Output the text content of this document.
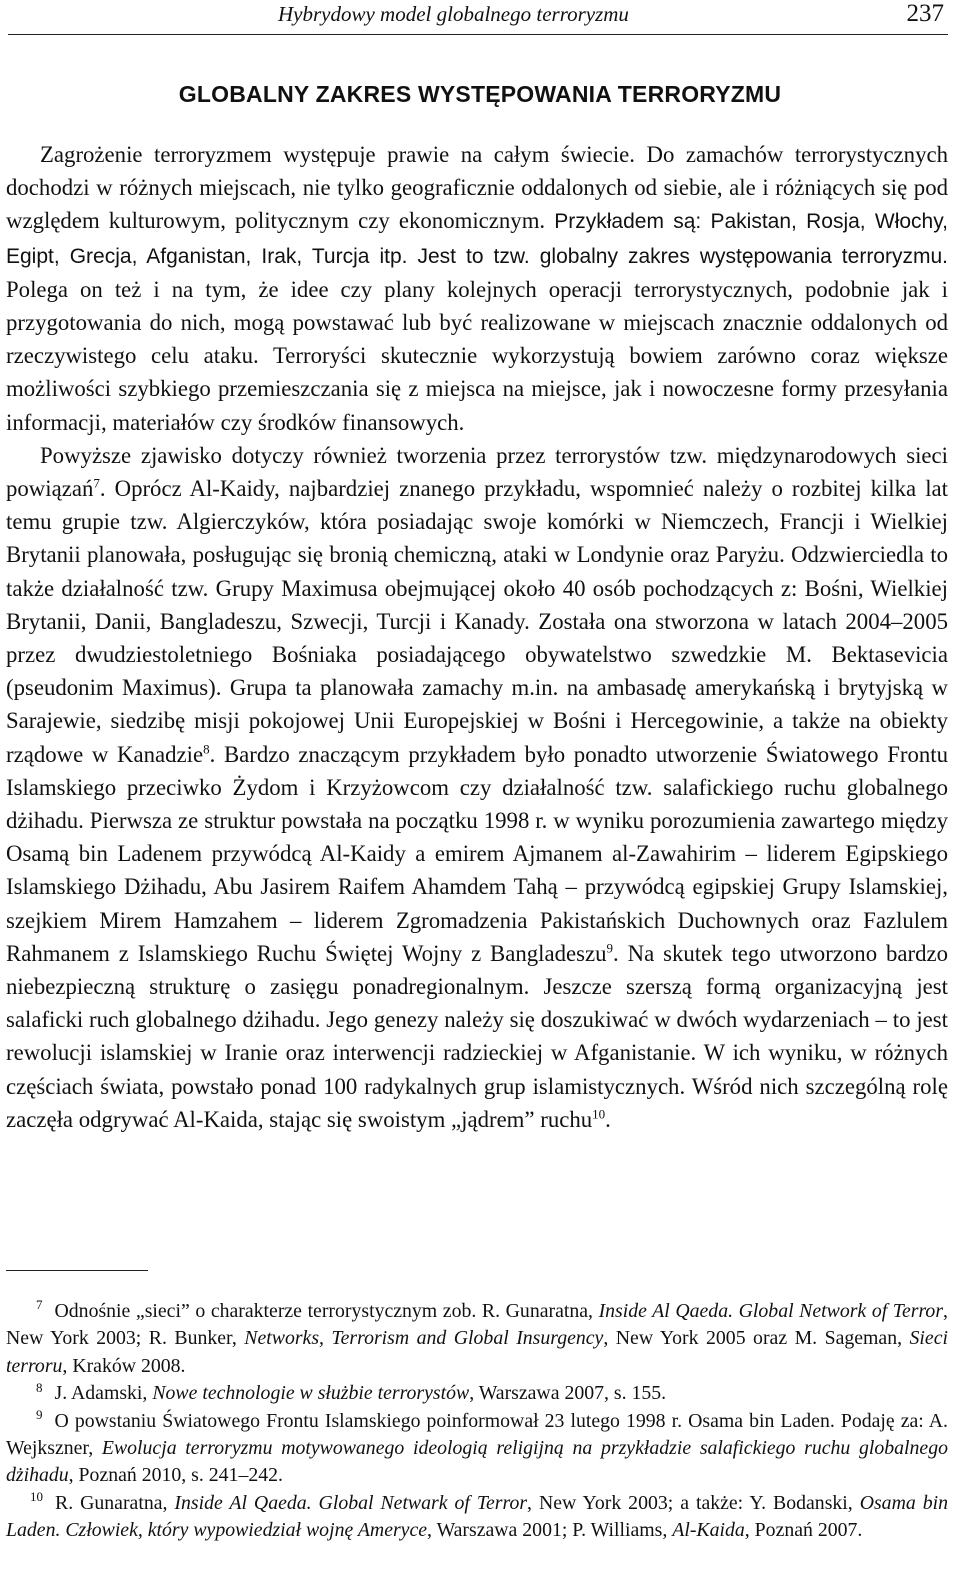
Hybrydowy model globalnego terroryzmu	237
GLOBALNY ZAKRES WYSTĘPOWANIA TERRORYZMU

Zagrożenie terroryzmem występuje prawie na całym świecie. Do zamachów terrorystycznych dochodzi w różnych miejscach, nie tylko geograficznie oddalonych od siebie, ale i różniących się pod względem kulturowym, politycznym czy ekonomicznym. Przykładem są: Pakistan, Rosja, Włochy, Egipt, Grecja, Afganistan, Irak, Turcja itp. Jest to tzw. globalny zakres występowania terroryzmu. Polega on też i na tym, że idee czy plany kolejnych operacji terrorystycznych, podobnie jak i przygotowania do nich, mogą powstawać lub być realizowane w miejscach znacznie oddalonych od rzeczywistego celu ataku. Terroryści skutecznie wykorzystują bowiem zarówno coraz większe możliwości szybkiego przemieszczania się z miejsca na miejsce, jak i nowoczesne formy przesyłania informacji, materiałów czy środków finansowych.

Powyższe zjawisko dotyczy również tworzenia przez terrorystów tzw. międzynarodowych sieci powiązań$^7$. Oprócz Al-Kaidy, najbardziej znanego przykładu, wspomnieć należy o rozbitej kilka lat temu grupie tzw. Algierczyków, która posiadając swoje komórki w Niemczech, Francji i Wielkiej Brytanii planowała, posługując się bronią chemiczną, ataki w Londynie oraz Paryżu. Odzwierciedla to także działalność tzw. Grupy Maximusa obejmującej około 40 osób pochodzących z: Bośni, Wielkiej Brytanii, Danii, Bangladeszu, Szwecji, Turcji i Kanady. Została ona stworzona w latach 2004–2005 przez dwudziestoletniego Bośniaka posiadającego obywatelstwo szwedzkie M. Bektasevicia (pseudonim Maximus). Grupa ta planowała zamachy m.in. na ambasadę amerykańską i brytyjską w Sarajewie, siedzibę misji pokojowej Unii Europejskiej w Bośni i Hercegowinie, a także na obiekty rządowe w Kanadzie$^8$. Bardzo znaczącym przykładem było ponadto utworzenie Światowego Frontu Islamskiego przeciwko Żydom i Krzyżowcom czy działalność tzw. salafickiego ruchu globalnego dżihadu. Pierwsza ze struktur powstała na początku 1998 r. w wyniku porozumienia zawartego między Osamą bin Ladenem przywódcą Al-Kaidy a emirem Ajmanem al-Zawahirim – liderem Egipskiego Islamskiego Dżihadu, Abu Jasirem Raifem Ahamdem Tahą – przywódcą egipskiej Grupy Islamskiej, szejkiem Mirem Hamzahem – liderem Zgromadzenia Pakistańskich Duchownych oraz Fazlulem Rahmanem z Islamskiego Ruchu Świętej Wojny z Bangladeszu$^9$. Na skutek tego utworzono bardzo niebezpieczną strukturę o zasięgu ponadregionalnym. Jeszcze szerszą formą organizacyjną jest salaficki ruch globalnego dżihadu. Jego genezy należy się doszukiwać w dwóch wydarzeniach – to jest rewolucji islamskiej w Iranie oraz interwencji radzieckiej w Afganistanie. W ich wyniku, w różnych częściach świata, powstało ponad 100 radykalnych grup islamistycznych. Wśród nich szczególną rolę zaczęła odgrywać Al-Kaida, stając się swoistym „jądrem” ruchu$^{10}$.

$^7$ Odnośnie „sieci” o charakterze terrorystycznym zob. R. Gunaratna, Inside Al Qaeda. Global Network of Terror, New York 2003; R. Bunker, Networks, Terrorism and Global Insurgency, New York 2005 oraz M. Sageman, Sieci terroru, Kraków 2008.

$^8$ J. Adamski, Nowe technologie w służbie terrorystów, Warszawa 2007, s. 155.

$^9$ O powstaniu Światowego Frontu Islamskiego poinformował 23 lutego 1998 r. Osama bin Laden. Podaję za: A. Wejkszner, Ewolucja terroryzmu motywowanego ideologią religijną na przykładzie salafickiego ruchu globalnego dżihadu, Poznań 2010, s. 241–242.

$^{10}$ R. Gunaratna, Inside Al Qaeda. Global Netwark of Terror, New York 2003; a także: Y. Bodanski, Osama bin Laden. Człowiek, który wypowiedział wojnę Ameryce, Warszawa 2001; P. Williams, Al-Kaida, Poznań 2007.
